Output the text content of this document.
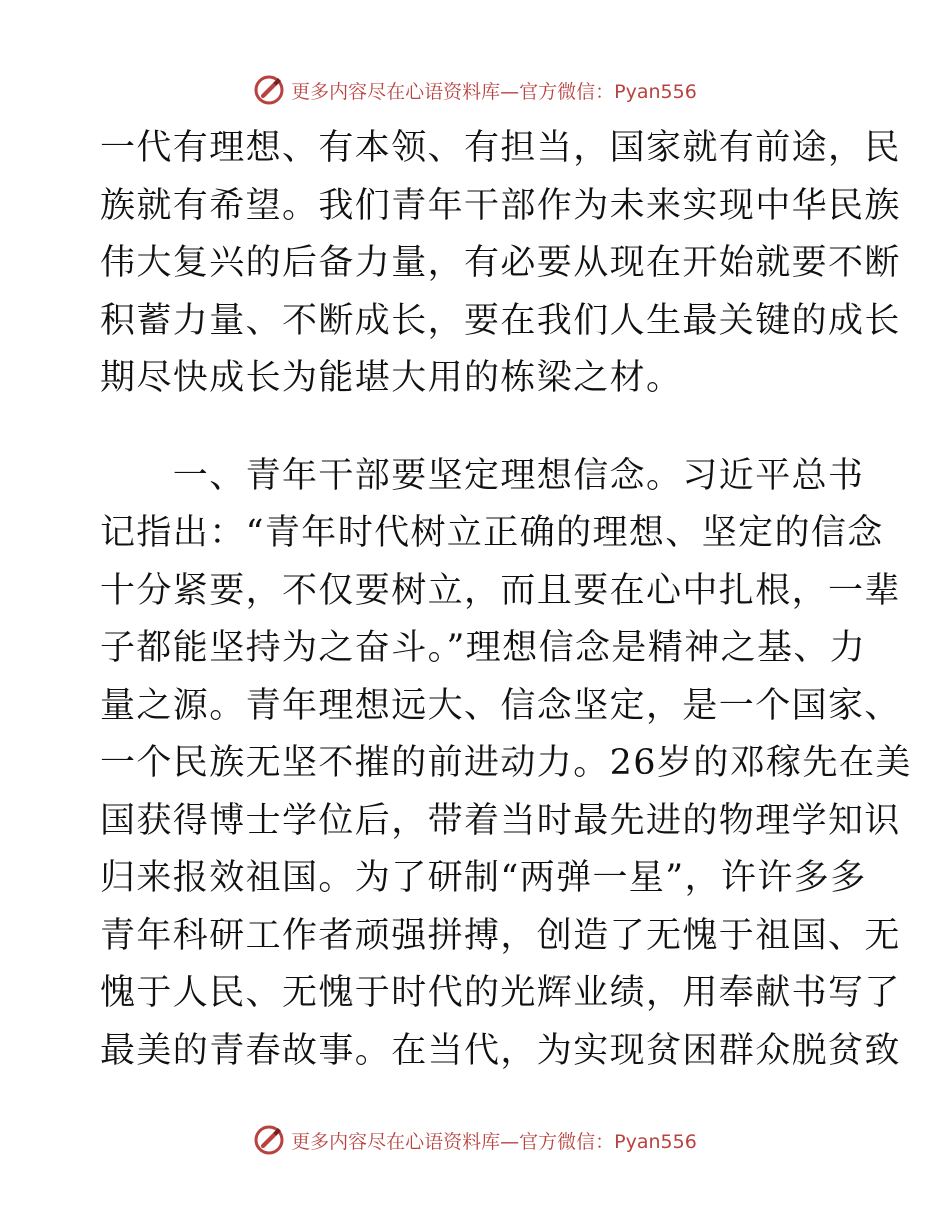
更多内容尽在心语资料库—官方微信：Pyan556
一代有理想、有本领、有担当，国家就有前途，民
族就有希望。我们青年干部作为未来实现中华民族
伟大复兴的后备力量，有必要从现在开始就要不断
积蓄力量、不断成长，要在我们人生最关键的成长
期尽快成长为能堪大用的栋梁之材。
　　一、青年干部要坚定理想信念。习近平总书
记指出：“青年时代树立正确的理想、坚定的信念
十分紧要，不仅要树立，而且要在心中扎根，一辈
子都能坚持为之奋斗。”理想信念是精神之基、力
量之源。青年理想远大、信念坚定，是一个国家、
一个民族无坚不摧的前进动力。26岁的邓稼先在美
国获得博士学位后，带着当时最先进的物理学知识
归来报效祖国。为了研制“两弹一星”，许许多多
青年科研工作者顽强拼搏，创造了无愧于祖国、无
愧于人民、无愧于时代的光辉业绩，用奉献书写了
最美的青春故事。在当代，为实现贫困群众脱贫致
更多内容尽在心语资料库—官方微信：Pyan556
